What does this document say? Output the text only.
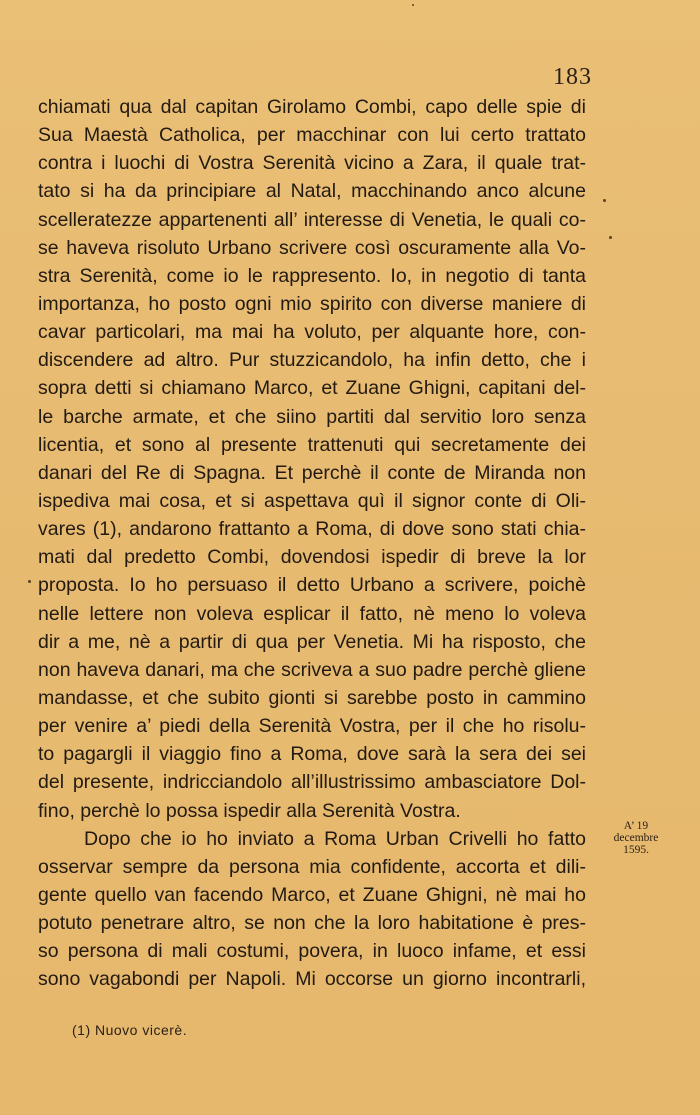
183
chiamati qua dal capitan Girolamo Combi, capo delle spie di
Sua Maestà Catholica, per macchinar con lui certo trattato
contra i luochi di Vostra Serenità vicino a Zara, il quale trat-
tato si ha da principiare al Natal, macchinando anco alcune
scelleratezze appartenenti all’ interesse di Venetia, le quali co-
se haveva risoluto Urbano scrivere così oscuramente alla Vo-
stra Serenità, come io le rappresento. Io, in negotio di tanta
importanza, ho posto ogni mio spirito con diverse maniere di
cavar particolari, ma mai ha voluto, per alquante hore, con-
discendere ad altro. Pur stuzzicandolo, ha infin detto, che i
sopra detti si chiamano Marco, et Zuane Ghigni, capitani del-
le barche armate, et che siino partiti dal servitio loro senza
licentia, et sono al presente trattenuti qui secretamente dei
danari del Re di Spagna. Et perchè il conte de Miranda non
ispediva mai cosa, et si aspettava quì il signor conte di Oli-
vares (1), andarono frattanto a Roma, di dove sono stati chia-
mati dal predetto Combi, dovendosi ispedir di breve la lor
proposta. Io ho persuaso il detto Urbano a scrivere, poichè
nelle lettere non voleva esplicar il fatto, nè meno lo voleva
dir a me, nè a partir di qua per Venetia. Mi ha risposto, che
non haveva danari, ma che scriveva a suo padre perchè gliene
mandasse, et che subito gionti si sarebbe posto in cammino
per venire a’ piedi della Serenità Vostra, per il che ho risolu-
to pagargli il viaggio fino a Roma, dove sarà la sera dei sei
del presente, indricciandolo all’illustrissimo ambasciatore Dol-
fino, perchè lo possa ispedir alla Serenità Vostra.
Dopo che io ho inviato a Roma Urban Crivelli ho fatto
osservar sempre da persona mia confidente, accorta et dili-
gente quello van facendo Marco, et Zuane Ghigni, nè mai ho
potuto penetrare altro, se non che la loro habitatione è pres-
so persona di mali costumi, povera, in luoco infame, et essi
sono vagabondi per Napoli. Mi occorse un giorno incontrarli,
A’ 19
decembre
1595.
(1) Nuovo vicerè.
